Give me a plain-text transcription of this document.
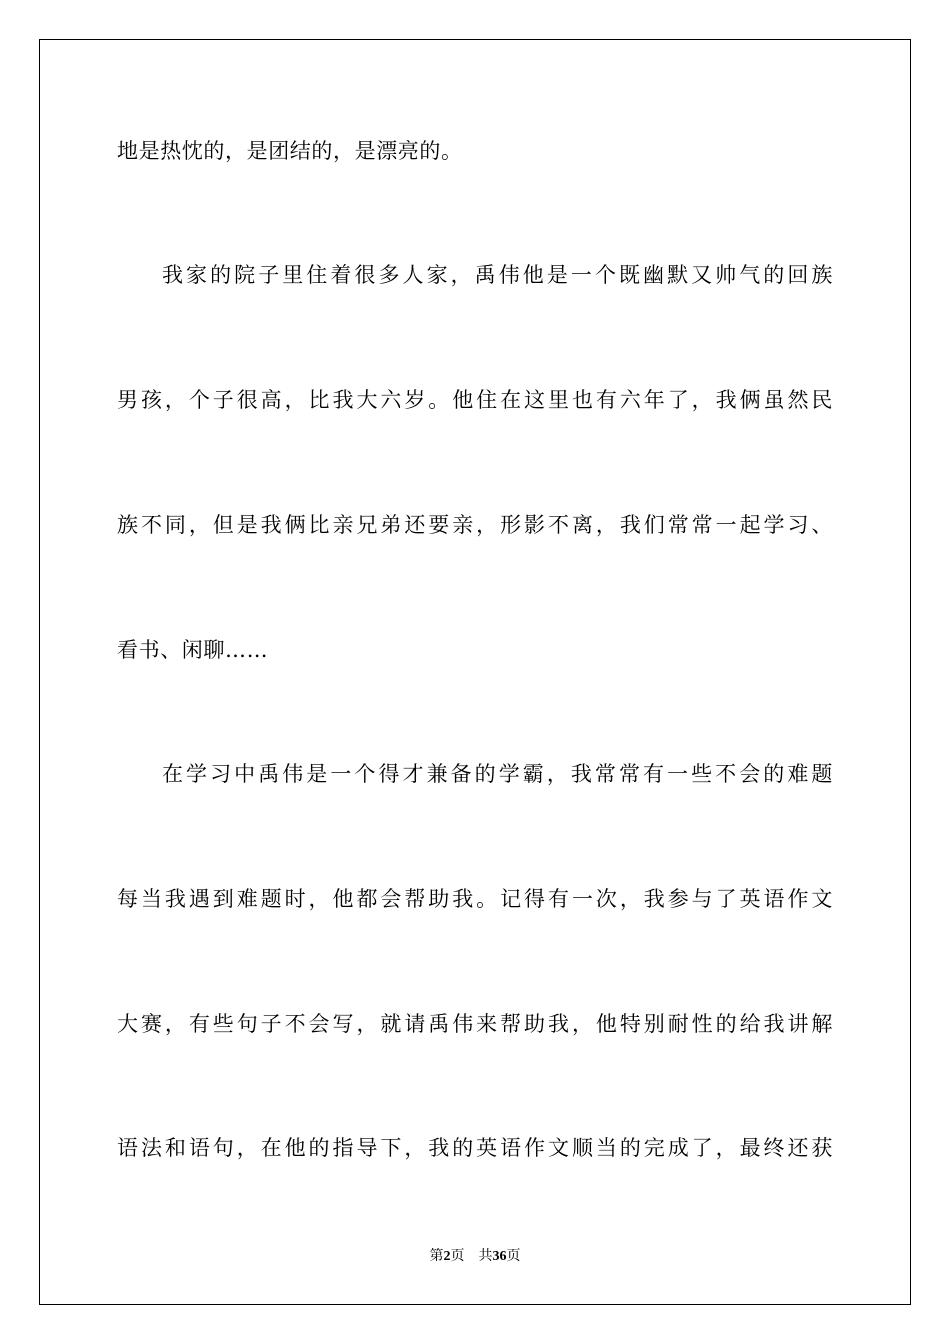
地是热忱的，是团结的，是漂亮的。
我家的院子里住着很多人家，禹伟他是一个既幽默又帅气的回族
男孩，个子很高，比我大六岁。他住在这里也有六年了，我俩虽然民
族不同，但是我俩比亲兄弟还要亲，形影不离，我们常常一起学习、
看书、闲聊……
在学习中禹伟是一个得才兼备的学霸，我常常有一些不会的难题
每当我遇到难题时，他都会帮助我。记得有一次，我参与了英语作文
大赛，有些句子不会写，就请禹伟来帮助我，他特别耐性的给我讲解
语法和语句，在他的指导下，我的英语作文顺当的完成了，最终还获
第2页 共36页
